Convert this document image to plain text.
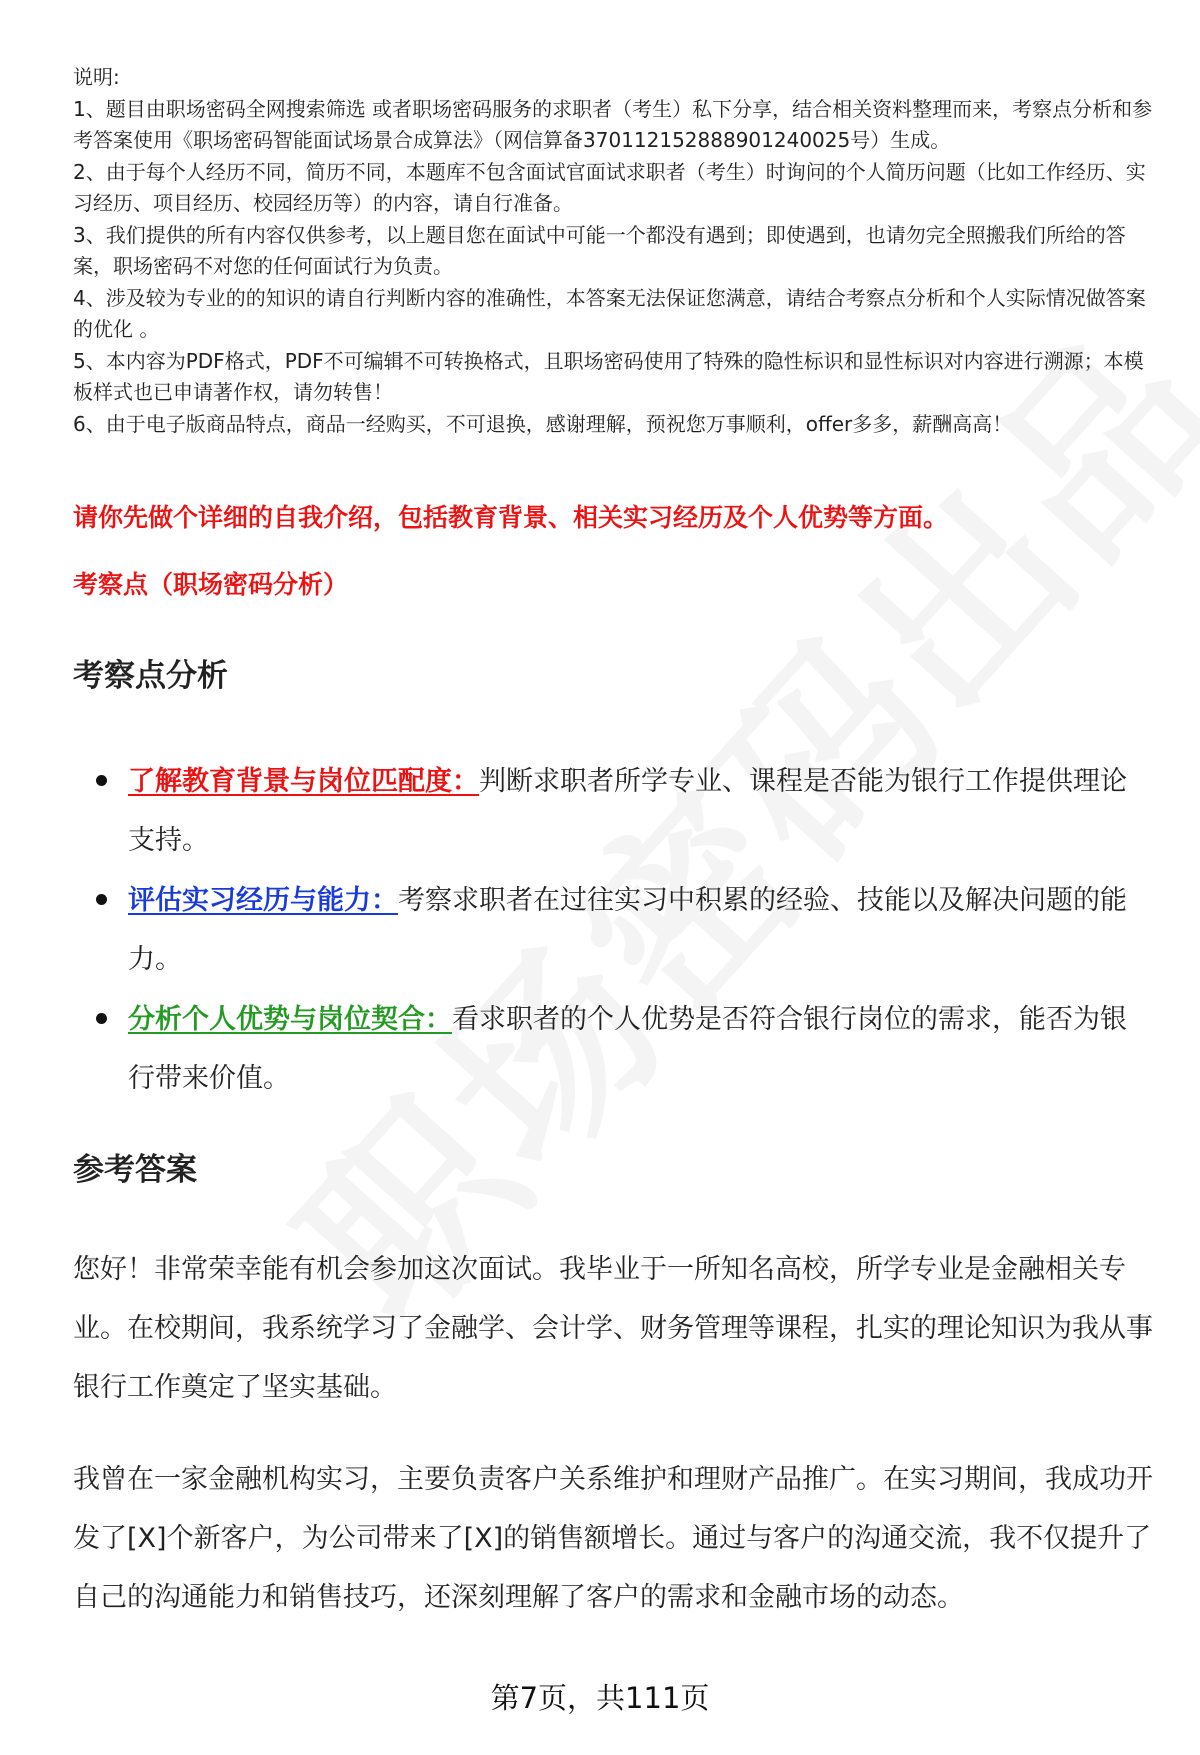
说明:

1、题目由职场密码全网搜索筛选 或者职场密码服务的求职者（考生）私下分享，结合相关资料整理而来，考察点分析和参考答案使用《职场密码智能面试场景合成算法》（网信算备370112152888901240025号）生成。

2、由于每个人经历不同，简历不同，本题库不包含面试官面试求职者（考生）时询问的个人简历问题（比如工作经历、实习经历、项目经历、校园经历等）的内容，请自行准备。

3、我们提供的所有内容仅供参考，以上题目您在面试中可能一个都没有遇到；即使遇到，也请勿完全照搬我们所给的答案，职场密码不对您的任何面试行为负责。

4、涉及较为专业的的知识的请自行判断内容的准确性，本答案无法保证您满意，请结合考察点分析和个人实际情况做答案的优化 。

5、本内容为PDF格式，PDF不可编辑不可转换格式，且职场密码使用了特殊的隐性标识和显性标识对内容进行溯源；本模板样式也已申请著作权，请勿转售！

6、由于电子版商品特点，商品一经购买，不可退换，感谢理解，预祝您万事顺利，offer多多，薪酬高高！

请你先做个详细的自我介绍，包括教育背景、相关实习经历及个人优势等方面。
考察点（职场密码分析）
考察点分析
了解教育背景与岗位匹配度：判断求职者所学专业、课程是否能为银行工作提供理论支持。
评估实习经历与能力：考察求职者在过往实习中积累的经验、技能以及解决问题的能力。
分析个人优势与岗位契合：看求职者的个人优势是否符合银行岗位的需求，能否为银行带来价值。
参考答案

您好！非常荣幸能有机会参加这次面试。我毕业于一所知名高校，所学专业是金融相关专业。在校期间，我系统学习了金融学、会计学、财务管理等课程，扎实的理论知识为我从事银行工作奠定了坚实基础。

我曾在一家金融机构实习，主要负责客户关系维护和理财产品推广。在实习期间，我成功开发了[X]个新客户，为公司带来了[X]的销售额增长。通过与客户的沟通交流，我不仅提升了自己的沟通能力和销售技巧，还深刻理解了客户的需求和金融市场的动态。

第7页，共111页
